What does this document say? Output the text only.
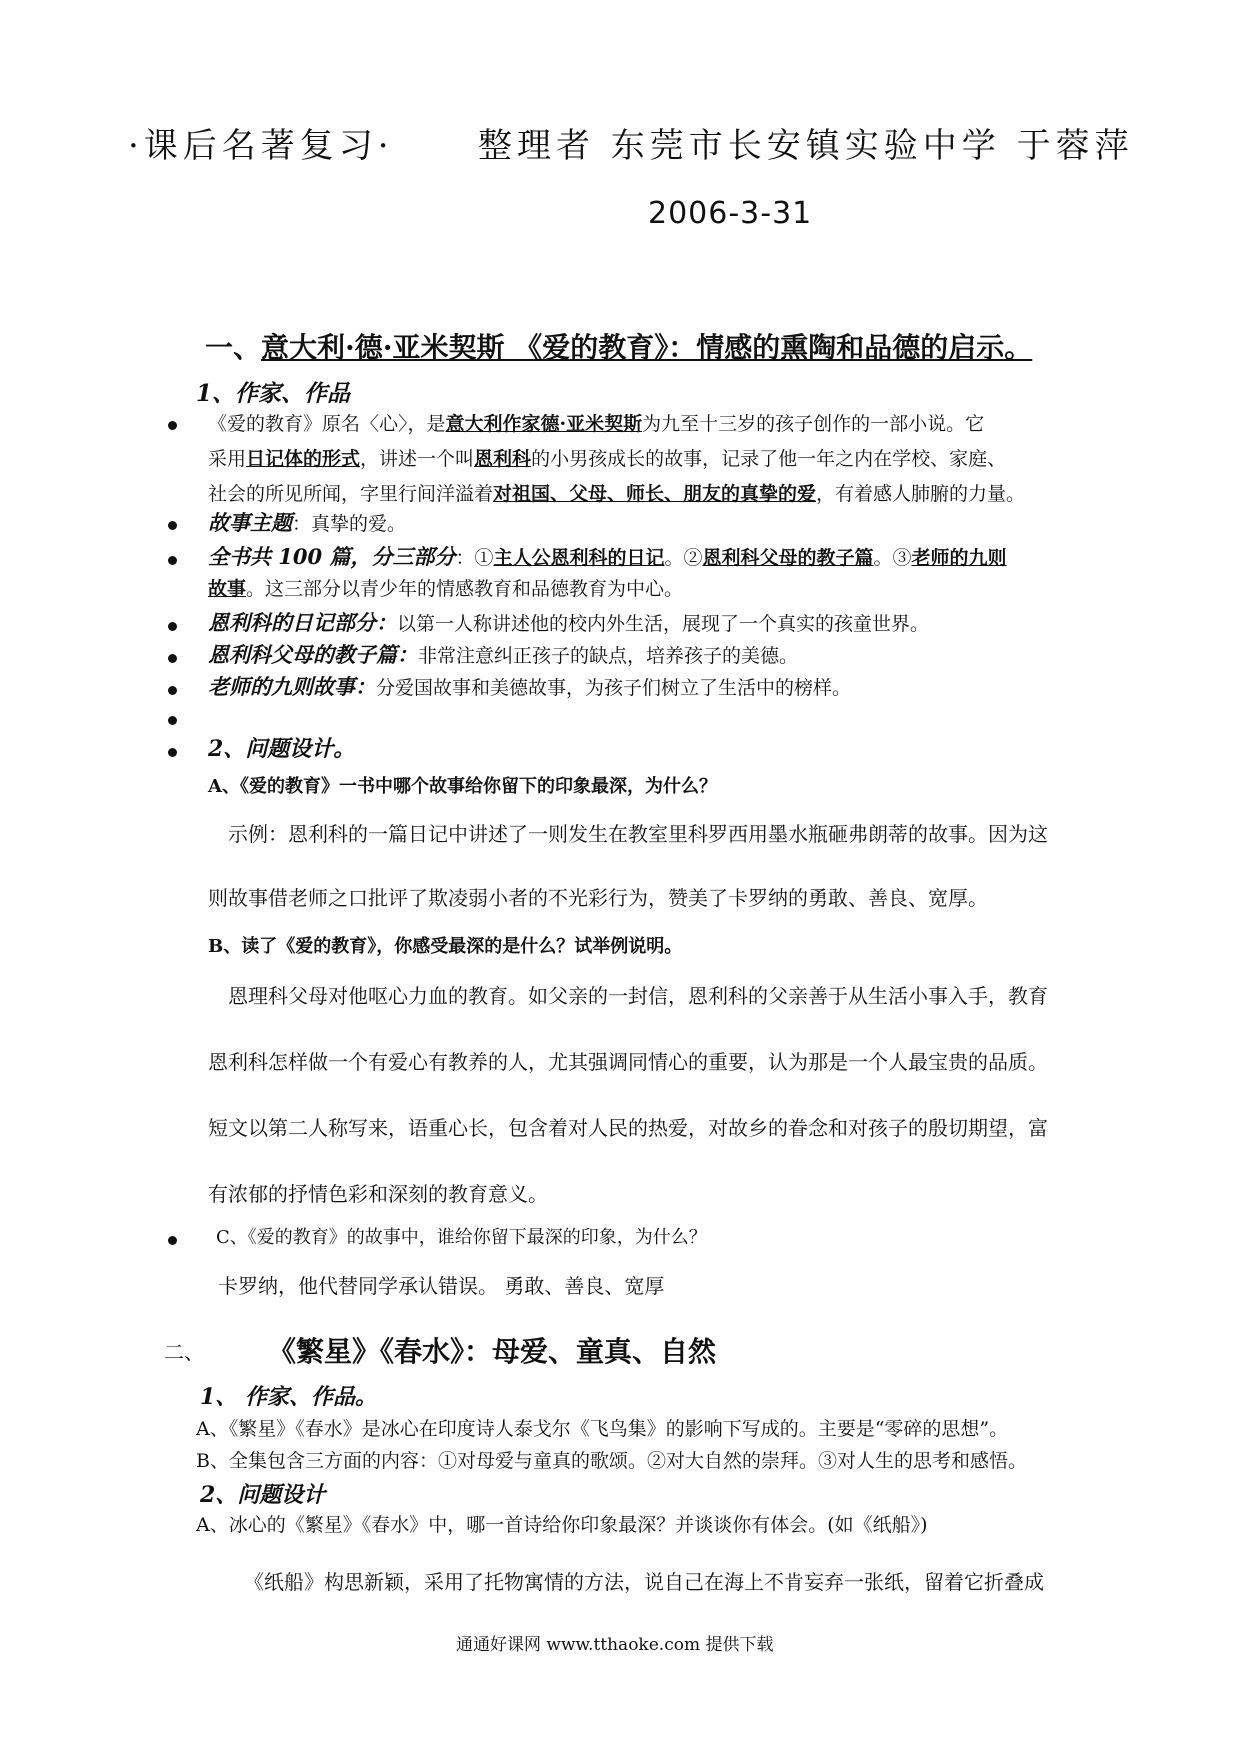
·课后名著复习· 整理者 东莞市长安镇实验中学 于蓉萍
2006-3-31
一、意大利·德·亚米契斯 《爱的教育》：情感的熏陶和品德的启示。
1、作家、作品
《爱的教育》原名〈心〉，是意大利作家德·亚米契斯为九至十三岁的孩子创作的一部小说。它
采用日记体的形式，讲述一个叫恩利科的小男孩成长的故事，记录了他一年之内在学校、家庭、
社会的所见所闻，字里行间洋溢着对祖国、父母、师长、朋友的真挚的爱，有着感人肺腑的力量。
故事主题：真挚的爱。
全书共 100 篇，分三部分：①主人公恩利科的日记。②恩利科父母的教子篇。③老师的九则
故事。这三部分以青少年的情感教育和品德教育为中心。
恩利科的日记部分：以第一人称讲述他的校内外生活，展现了一个真实的孩童世界。
恩利科父母的教子篇：非常注意纠正孩子的缺点，培养孩子的美德。
老师的九则故事：分爱国故事和美德故事，为孩子们树立了生活中的榜样。
2、问题设计。
A、《爱的教育》一书中哪个故事给你留下的印象最深，为什么？
示例：恩利科的一篇日记中讲述了一则发生在教室里科罗西用墨水瓶砸弗朗蒂的故事。因为这
则故事借老师之口批评了欺凌弱小者的不光彩行为，赞美了卡罗纳的勇敢、善良、宽厚。
B、读了《爱的教育》，你感受最深的是什么？试举例说明。
恩理科父母对他呕心力血的教育。如父亲的一封信，恩利科的父亲善于从生活小事入手，教育
恩利科怎样做一个有爱心有教养的人，尤其强调同情心的重要，认为那是一个人最宝贵的品质。
短文以第二人称写来，语重心长，包含着对人民的热爱，对故乡的眷念和对孩子的殷切期望，富
有浓郁的抒情色彩和深刻的教育意义。
C、《爱的教育》的故事中，谁给你留下最深的印象，为什么？
卡罗纳，他代替同学承认错误。 勇敢、善良、宽厚
二、 《繁星》《春水》：母爱、童真、自然
1、 作家、作品。
A、《繁星》《春水》是冰心在印度诗人泰戈尔《飞鸟集》的影响下写成的。主要是“零碎的思想”。
B、全集包含三方面的内容：①对母爱与童真的歌颂。②对大自然的崇拜。③对人生的思考和感悟。
2、问题设计
A、冰心的《繁星》《春水》中，哪一首诗给你印象最深？并谈谈你有体会。(如《纸船》)
《纸船》构思新颖，采用了托物寓情的方法，说自己在海上不肯妄弃一张纸，留着它折叠成
通通好课网 www.tthaoke.com 提供下载
